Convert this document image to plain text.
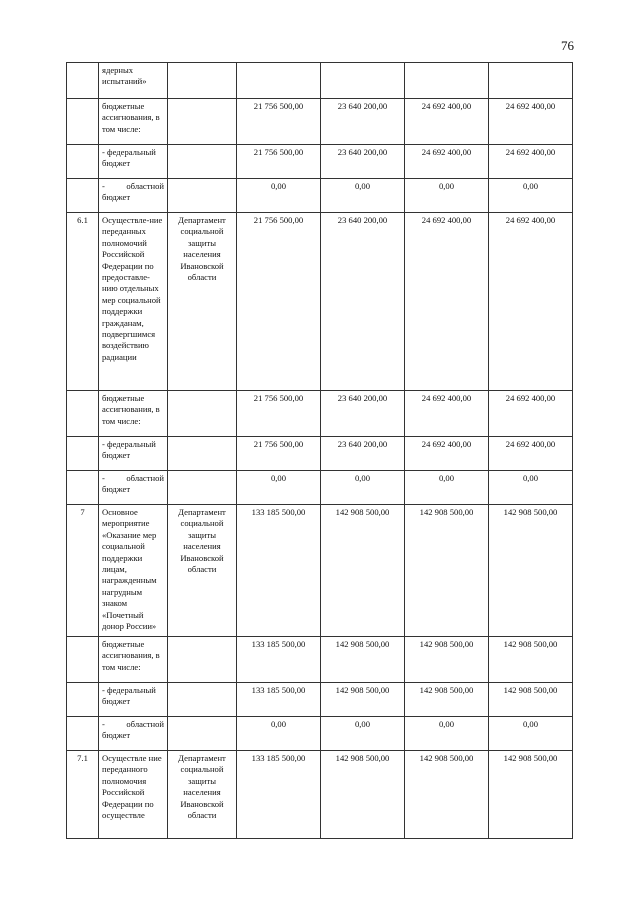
76
	ядерных испытаний»					
	бюджетные ассигнования, в том числе:		21 756 500,00	23 640 200,00	24 692 400,00	24 692 400,00
	- федеральный бюджет		21 756 500,00	23 640 200,00	24 692 400,00	24 692 400,00
	- областной бюджет		0,00	0,00	0,00	0,00
6.1	Осуществле-ние переданных полномочий Российской Федерации по предоставле-нию отдельных мер социальной поддержки гражданам, подвергшимся воздействию радиации	Департамент социальной защиты населения Ивановской области	21 756 500,00	23 640 200,00	24 692 400,00	24 692 400,00
	бюджетные ассигнования, в том числе:		21 756 500,00	23 640 200,00	24 692 400,00	24 692 400,00
	- федеральный бюджет		21 756 500,00	23 640 200,00	24 692 400,00	24 692 400,00
	- областной бюджет		0,00	0,00	0,00	0,00
7	Основное мероприятие «Оказание мер социальной поддержки лицам, награжденным нагрудным знаком «Почетный донор России»	Департамент социальной защиты населения Ивановской области	133 185 500,00	142 908 500,00	142 908 500,00	142 908 500,00
	бюджетные ассигнования, в том числе:		133 185 500,00	142 908 500,00	142 908 500,00	142 908 500,00
	- федеральный бюджет		133 185 500,00	142 908 500,00	142 908 500,00	142 908 500,00
	- областной бюджет		0,00	0,00	0,00	0,00
7.1	Осуществле ние переданного полномочия Российской Федерации по осуществле	Департамент социальной защиты населения Ивановской области	133 185 500,00	142 908 500,00	142 908 500,00	142 908 500,00
